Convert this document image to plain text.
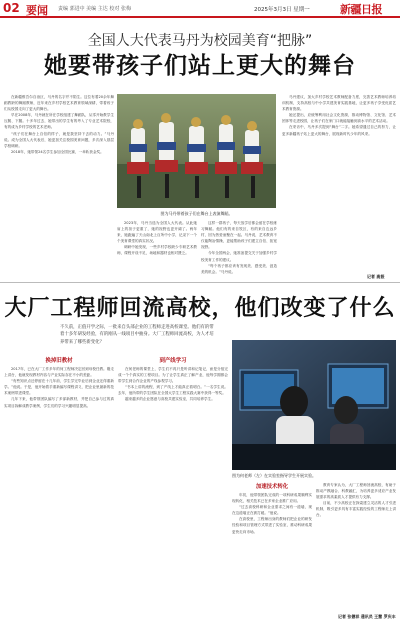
02 要闻 责编 郭进中 美编 主达 校对 张梅	2025年3月3日 星期一	新疆日报
全国人大代表马丹为校园美育“把脉”
她要带孩子们站上更大的舞台

在新疆维吾尔自治区，马丹的名字并不陌生。这位有着20余年舞蹈教龄的舞蹈教师，近年来在乡村学校艺术教育领域深耕，带着孩子们从校园走向了更大的舞台。

早在2008年，马丹就在所在学校组建了舞蹈队，从零开始教学生压腿、下腰。十多年过去，她带出的学生有的考入了专业艺术院校，有的成为乡村学校的艺术老师。

“孩子们在舞台上自信的样子，就是我坚持下去的动力。”马丹说。成为全国人大代表后，她更加关注校园美育问题，多次深入基层学校调研。

2018年，她带领24名学生参加全国比赛，一举斩获金奖。

图为马丹带着孩子们在舞台上表演舞蹈。

2023年，马丹当选为全国人大代表。从此她肩上的担子更重了，她的视野也更开阔了。两年来，她跑遍了天山南北上百所中小学，记录下一个个美育课堂的真实状况。

调研中她发现，一些乡村学校缺少专职艺术教师，课程开设不足，场地和器材也相对匮乏。

这样一群孩子，每天放学后都会留在学校练习舞蹈。他们有的来自牧区，有的来自边远乡村，因为热爱而聚在一起。马丹说，艺术教育不仅能陶冶情操，更能帮助孩子们建立自信、拓宽视野。

今年全国两会，她准备提交关于加强乡村学校美育工作的建议。

“每个孩子都应该有发现美、感受美、创造美的机会。”马丹说。

马丹建议，加大乡村学校艺术教师配备力度，完善艺术教师培养培训机制，支持高校与中小学共建美育实践基地，让更多孩子享受优质艺术教育资源。

她还提出，应统筹利用社会文化资源，推动博物馆、文化馆、艺术团体等走进校园，让孩子们在家门口就能接触到高水平的艺术活动。

在采访中，马丹多次提到“舞台”二字。她希望通过自己的努力，让更多新疆孩子站上更大的舞台，展现新时代少年的风采。

记者 高振
大厂工程师回流高校，他们改变了什么
不久前，正值开学之际，一批来自头部企业的工程师走进高校课堂。他们有的带着十多年研发经验，有的刚从一线项目中抽身。大厂工程师回流高校，为人才培养带来了哪些新变化？
换掉旧教材

2017年，已在大厂工作多年的何工程师决定回到母校任教。刚走上讲台，他就发现教材内容与产业实际存在不小的差距。

“有些知识点还停留在十几年前，学生学完毕业后到企业还得重新学。”他说。于是，他开始着手重新编写课程讲义，把企业里最新的技术案例带进课堂。

几年下来，他带领团队编写了多部新教材，并把自己参与过的真实项目拆解成教学案例，学生们的学习兴趣明显提高。

到产线学习

在何老师的课堂上，学生们不再只是听讲和记笔记，而是分组完成一个个真实的工程项目。为了让学生真正了解产业，他每学期都会带学生到合作企业的产线参观学习。

“书本上讲的流程，到了产线上才能真正看明白。”一名学生说。去年，他所带的学生团队在全国大学生工程实践大赛中获得一等奖。

越来越多的企业愿意与高校共建实验室，共同培养学生。

图为何老师（左）在实验室指导学生开展实验。
加速技术转化

年初，他带领团队完成的一项科研成果顺利实现转化，相关技术已在多家企业推广应用。

“过去高校科研和企业需求之间有一道墙，现在这道墙正在被打破。”他说。

在高校里，工程师出身的教师们把企业的研发经验和项目管理方式带进了实验室，推动科研成果更快走向市场。

教育专家认为，大厂工程师回流高校，有助于推动产教融合、科教融汇，为培养更多适应产业发展需求的高素质人才提供有力支撑。

目前，不少高校正在探索建立灵活的人才引进机制，吸引更多具有丰富实践经验的工程师走上讲台。

记者 张德祥 通讯员 王慧 罗庆丰
